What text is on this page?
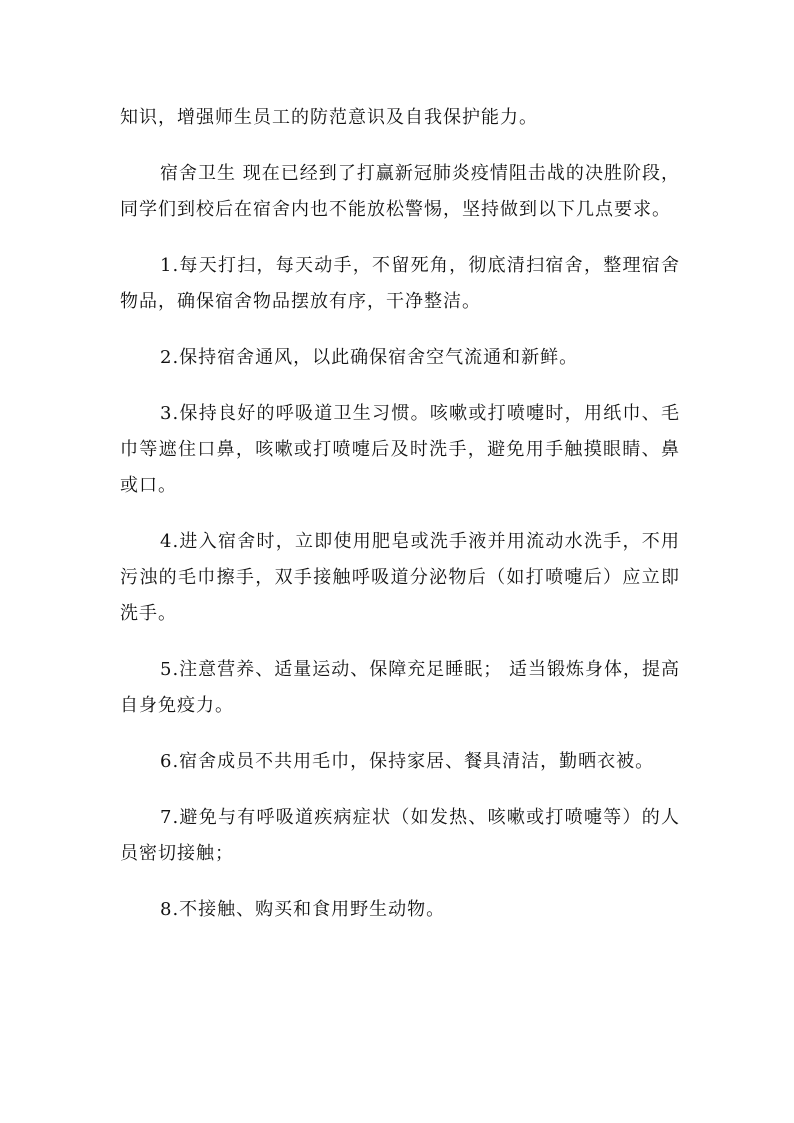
知识，增强师生员工的防范意识及自我保护能力。

宿舍卫生 现在已经到了打赢新冠肺炎疫情阻击战的决胜阶段，同学们到校后在宿舍内也不能放松警惕，坚持做到以下几点要求。

1.每天打扫，每天动手，不留死角，彻底清扫宿舍，整理宿舍物品，确保宿舍物品摆放有序，干净整洁。

2.保持宿舍通风，以此确保宿舍空气流通和新鲜。

3.保持良好的呼吸道卫生习惯。咳嗽或打喷嚏时，用纸巾、毛巾等遮住口鼻，咳嗽或打喷嚏后及时洗手，避免用手触摸眼睛、鼻或口。

4.进入宿舍时，立即使用肥皂或洗手液并用流动水洗手，不用污浊的毛巾擦手，双手接触呼吸道分泌物后（如打喷嚏后）应立即洗手。

5.注意营养、适量运动、保障充足睡眠； 适当锻炼身体，提高自身免疫力。

6.宿舍成员不共用毛巾，保持家居、餐具清洁，勤晒衣被。

7.避免与有呼吸道疾病症状（如发热、咳嗽或打喷嚏等）的人员密切接触；

8.不接触、购买和食用野生动物。
